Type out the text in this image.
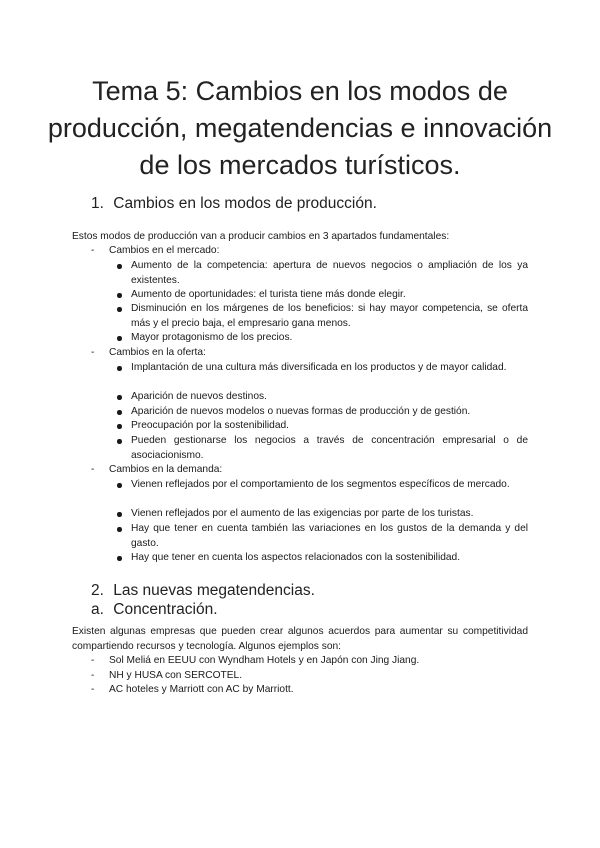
Tema 5: Cambios en los modos de producción, megatendencias e innovación de los mercados turísticos.
1. Cambios en los modos de producción.
Estos modos de producción van a producir cambios en 3 apartados fundamentales:
- Cambios en el mercado:
Aumento de la competencia: apertura de nuevos negocios o ampliación de los ya existentes.
Aumento de oportunidades: el turista tiene más donde elegir.
Disminución en los márgenes de los beneficios: si hay mayor competencia, se oferta más y el precio baja, el empresario gana menos.
Mayor protagonismo de los precios.
- Cambios en la oferta:
Implantación de una cultura más diversificada en los productos y de mayor calidad.
Aparición de nuevos destinos.
Aparición de nuevos modelos o nuevas formas de producción y de gestión.
Preocupación por la sostenibilidad.
Pueden gestionarse los negocios a través de concentración empresarial o de asociacionismo.
- Cambios en la demanda:
Vienen reflejados por el comportamiento de los segmentos específicos de mercado.
Vienen reflejados por el aumento de las exigencias por parte de los turistas.
Hay que tener en cuenta también las variaciones en los gustos de la demanda y del gasto.
Hay que tener en cuenta los aspectos relacionados con la sostenibilidad.
2. Las nuevas megatendencias.
a. Concentración.
Existen algunas empresas que pueden crear algunos acuerdos para aumentar su competitividad compartiendo recursos y tecnología. Algunos ejemplos son:
- Sol Meliá en EEUU con Wyndham Hotels y en Japón con Jing Jiang.
- NH y HUSA con SERCOTEL.
- AC hoteles y Marriott con AC by Marriott.
